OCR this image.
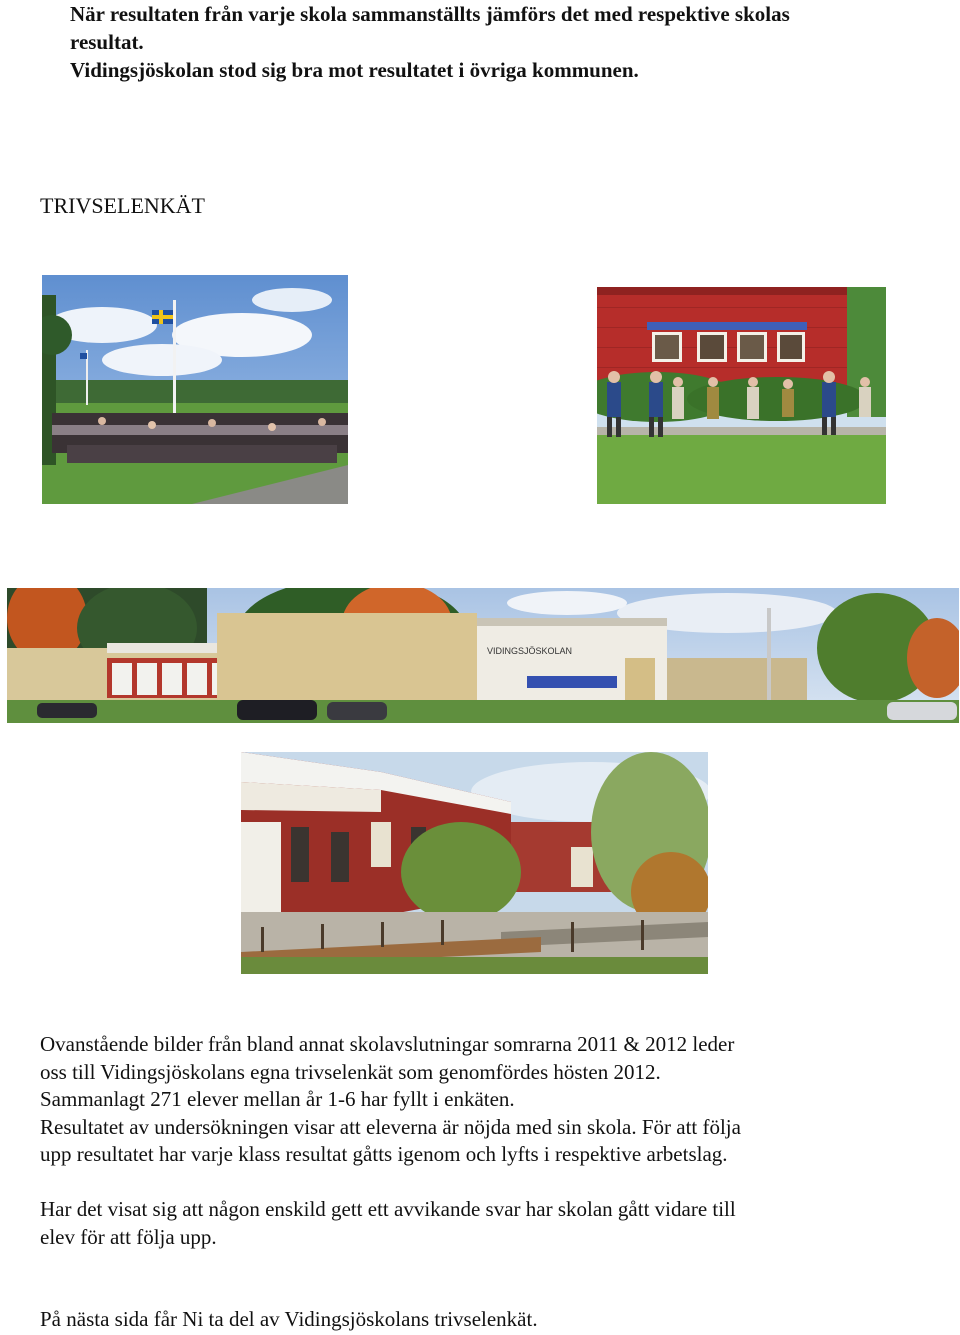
När resultaten från varje skola sammanställts jämförs det med respektive skolas
resultat.
Vidingsjöskolan stod sig bra mot resultatet i övriga kommunen.
TRIVSELENKÄT
VIDINGSJÖSKOLAN
Ovanstående bilder från bland annat skolavslutningar somrarna 2011 & 2012 leder
oss till Vidingsjöskolans egna trivselenkät som genomfördes hösten 2012.
Sammanlagt 271 elever mellan år 1-6 har fyllt i enkäten.
Resultatet av undersökningen visar att eleverna är nöjda med sin skola. För att följa
upp resultatet har varje klass resultat gåtts igenom och lyfts i respektive arbetslag.
Har det visat sig att någon enskild gett ett avvikande svar har skolan gått vidare till
elev för att följa upp.
På nästa sida får Ni ta del av Vidingsjöskolans trivselenkät.
